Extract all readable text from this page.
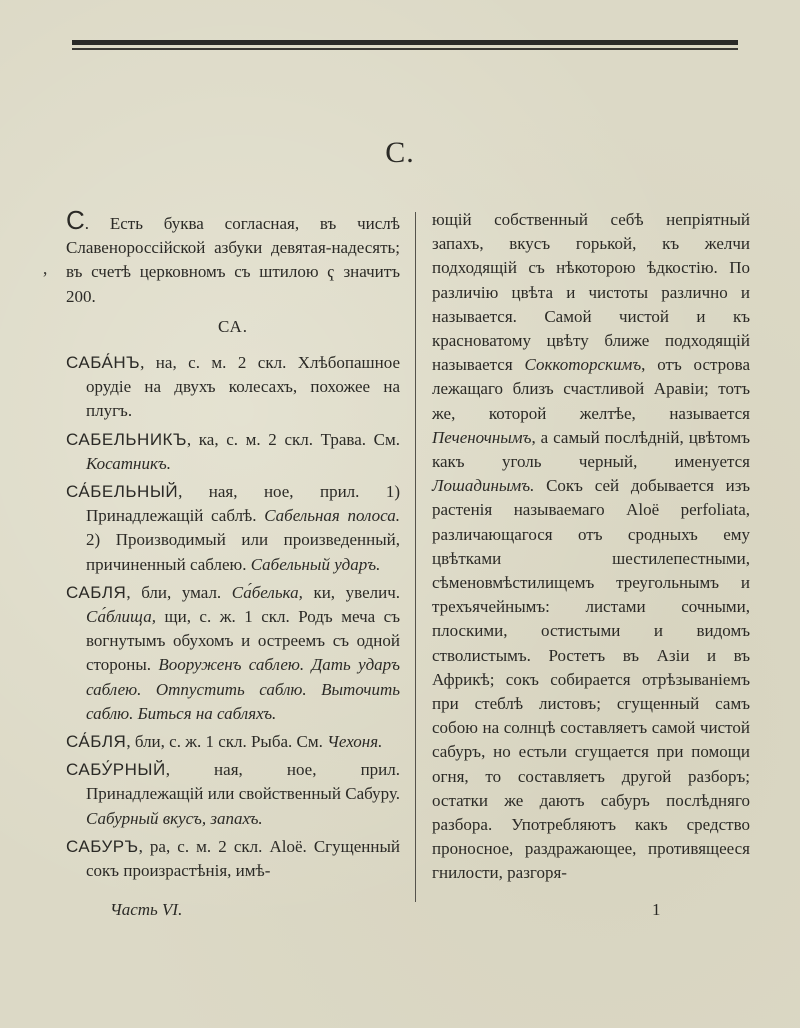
С.
ʼ

С. Есть буква согласная, въ числѣ Славенороссійской азбуки девятая-надесять; въ счетѣ церковномъ съ штилою ҁ значитъ 200.

СА.

САБА́НЪ, на, с. м. 2 скл. Хлѣбопашное орудіе на двухъ колесахъ, похожее на плугъ.

САБЕЛЬНИКЪ, ка, с. м. 2 скл. Трава. См. Косатникъ.

СА́БЕЛЬНЫЙ, ная, ное, прил. 1) Принадлежащій саблѣ. Сабельная полоса. 2) Производимый или произведенный, причиненный саблею. Сабельный ударъ.

САБЛЯ, бли, умал. Са́белька, ки, увелич. Са́блища, щи, с. ж. 1 скл. Родъ меча съ вогнутымъ обухомъ и остреемъ съ одной стороны. Вооруженъ саблею. Дать ударъ саблею. Отпустить саблю. Выточить саблю. Биться на сабляхъ.

СА́БЛЯ, бли, с. ж. 1 скл. Рыба. См. Чехоня.

САБУ́РНЫЙ, ная, ное, прил. Принадлежащій или свойственный Сабуру. Сабурный вкусъ, запахъ.

САБУРЪ, ра, с. м. 2 скл. Aloë. Сгущенный сокъ произрастѣнія, имѣ-

ющій собственный себѣ непріятный запахъ, вкусъ горькой, къ желчи подходящій съ нѣкоторою ѣдкостію. По различію цвѣта и чистоты различно и называется. Самой чистой и къ красноватому цвѣту ближе подходящій называется Соккоторскимъ, отъ острова лежащаго близъ счастливой Аравіи; тотъ же, которой желтѣе, называется Печеночнымъ, а самый послѣдній, цвѣтомъ какъ уголь черный, именуется Лошадинымъ. Сокъ сей добывается изъ растенія называемаго Aloë perfoliata, различающагося отъ сродныхъ ему цвѣтками шестилепестными, сѣменовмѣстилищемъ треугольнымъ и трехъячейнымъ: листами сочными, плоскими, остистыми и видомъ стволистымъ. Ростетъ въ Азіи и въ Африкѣ; сокъ собирается отрѣзываніемъ при стеблѣ листовъ; сгущенный самъ собою на солнцѣ составляетъ самой чистой сабуръ, но естьли сгущается при помощи огня, то составляетъ другой разборъ; остатки же даютъ сабуръ послѣдняго разбора. Употребляютъ какъ средство проносное, раздражающее, противящееся гнилости, разгоря-

Часть VI.	1
